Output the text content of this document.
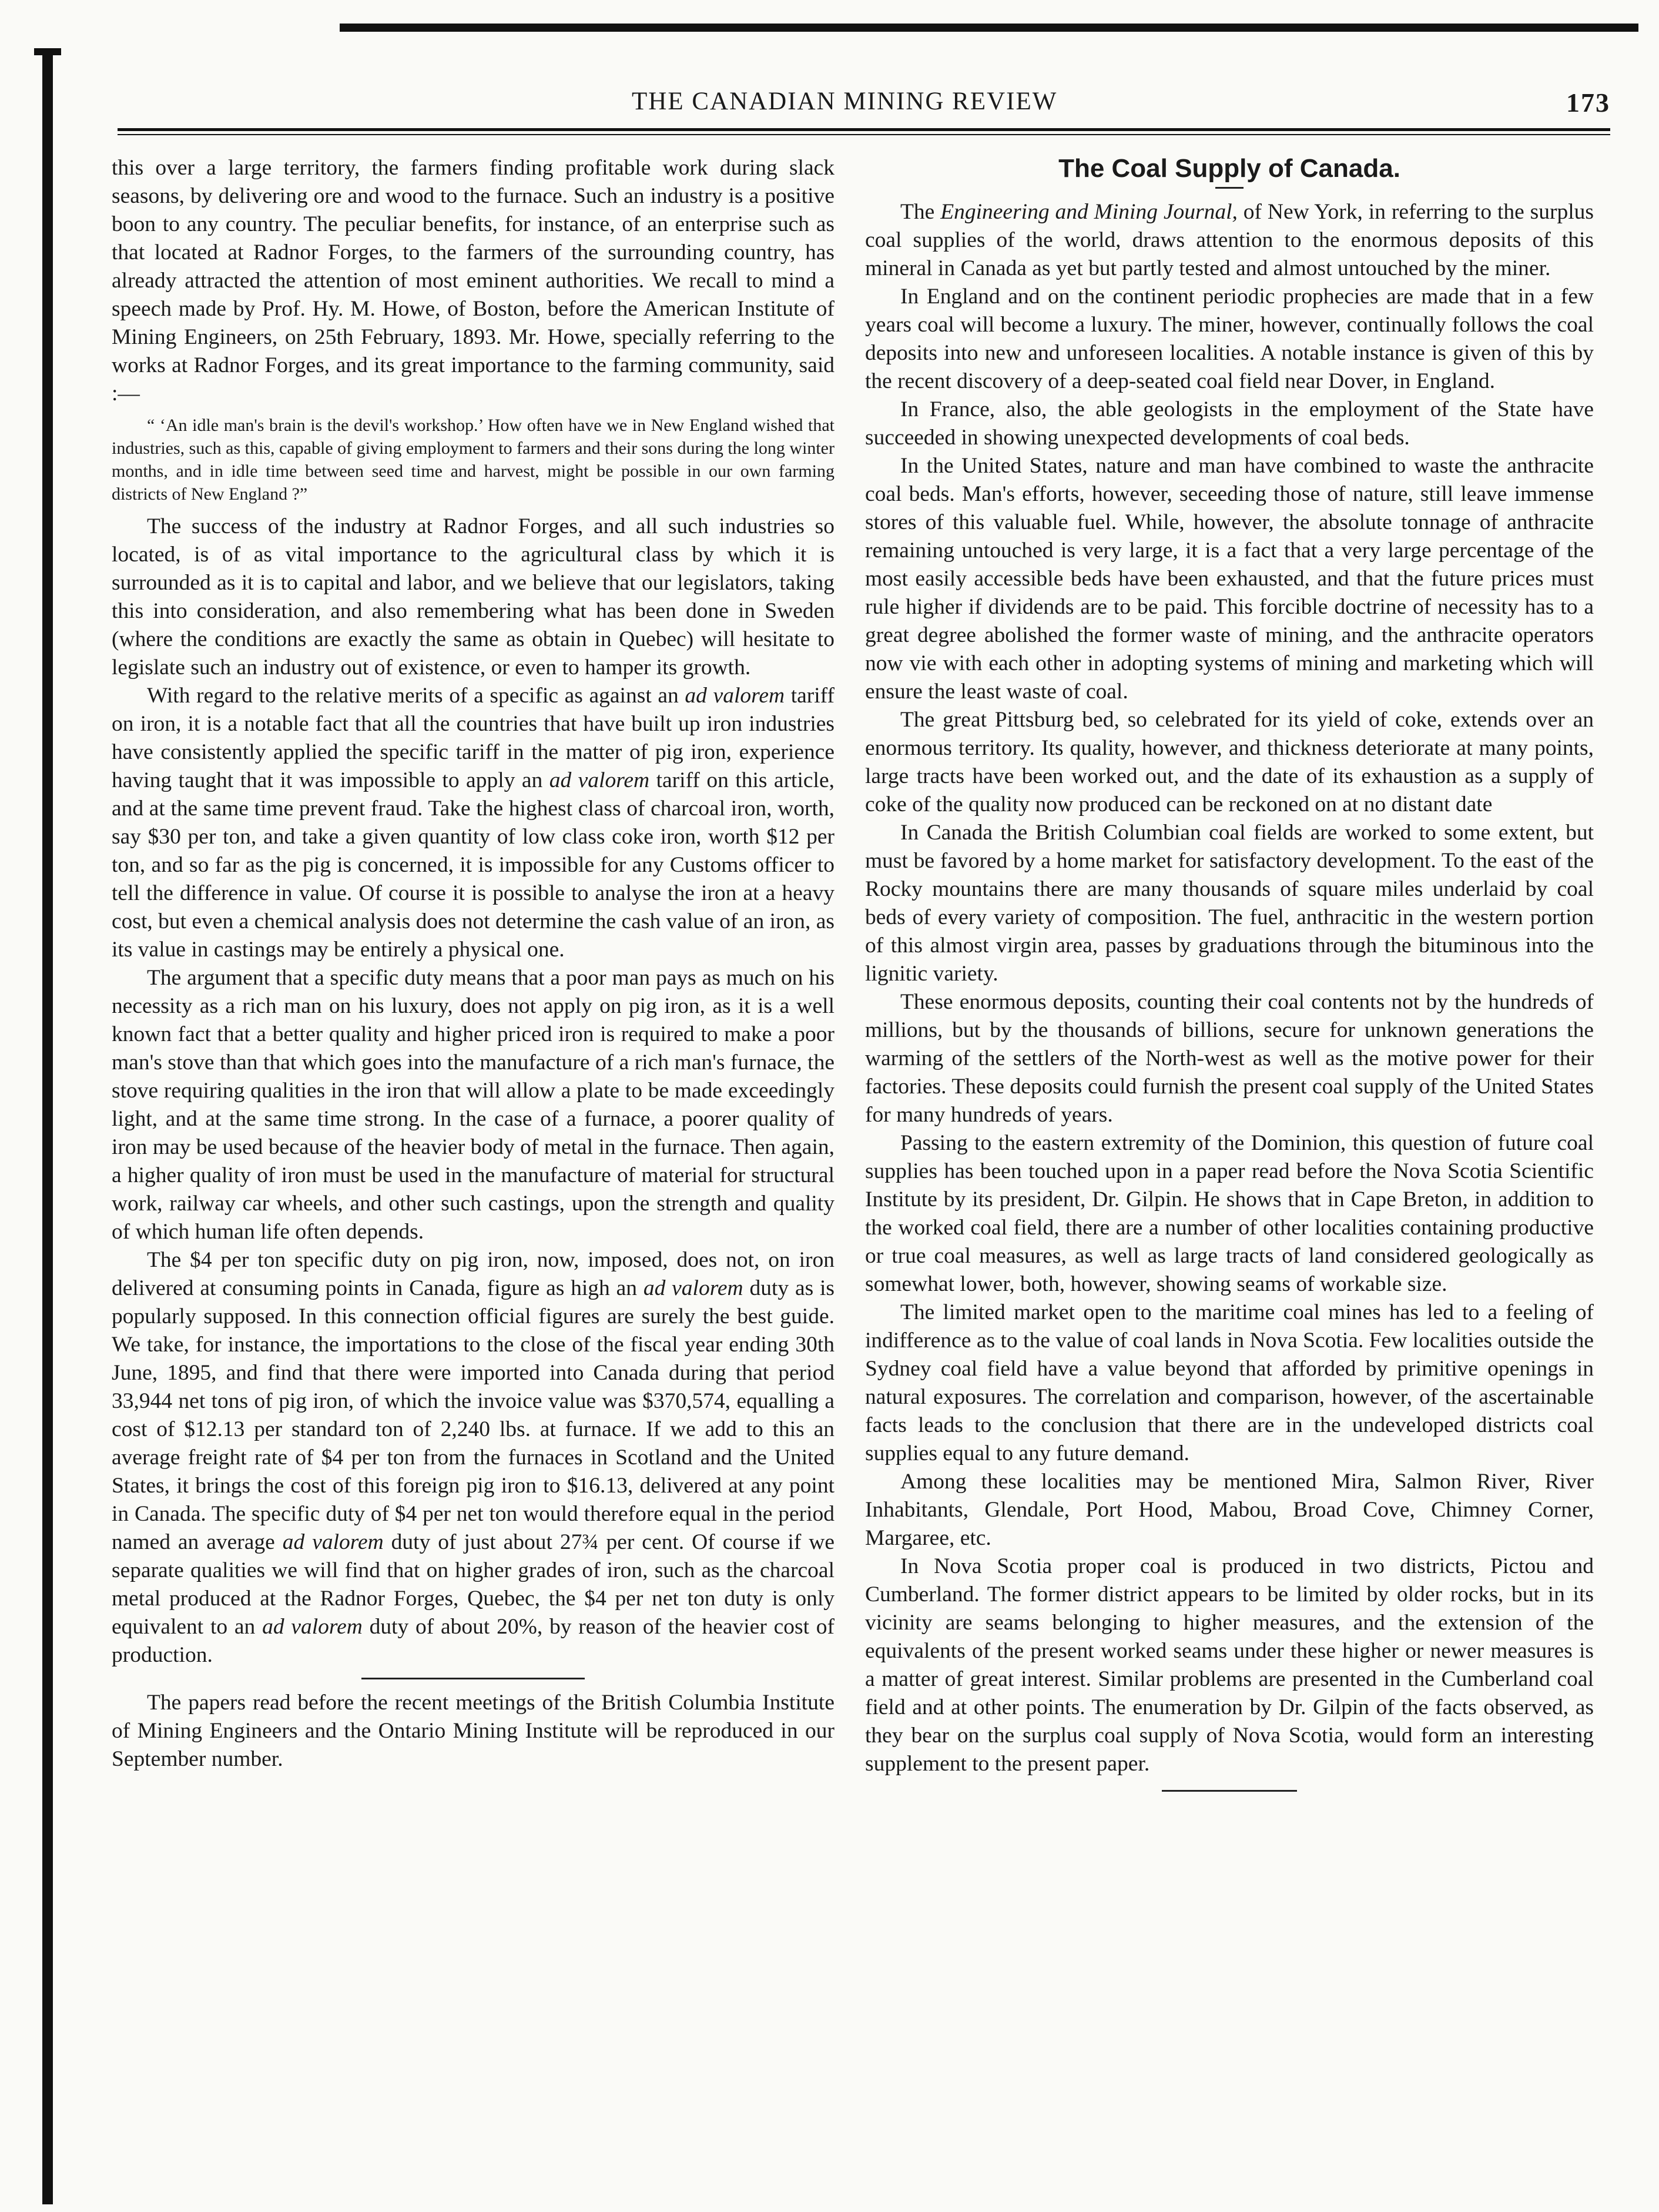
THE CANADIAN MINING REVIEW	173

this over a large territory, the farmers finding profitable work during slack seasons, by delivering ore and wood to the furnace. Such an industry is a positive boon to any country. The peculiar benefits, for instance, of an enterprise such as that located at Radnor Forges, to the farmers of the surrounding country, has already attracted the attention of most eminent authorities. We recall to mind a speech made by Prof. Hy. M. Howe, of Boston, before the American Institute of Mining Engineers, on 25th February, 1893. Mr. Howe, specially referring to the works at Radnor Forges, and its great importance to the farming community, said :—

“ ‘An idle man's brain is the devil's workshop.’ How often have we in New England wished that industries, such as this, capable of giving employment to farmers and their sons during the long winter months, and in idle time between seed time and harvest, might be possible in our own farming districts of New England ?”

The success of the industry at Radnor Forges, and all such industries so located, is of as vital importance to the agricultural class by which it is surrounded as it is to capital and labor, and we believe that our legislators, taking this into consideration, and also remembering what has been done in Sweden (where the conditions are exactly the same as obtain in Quebec) will hesitate to legislate such an industry out of existence, or even to hamper its growth.

With regard to the relative merits of a specific as against an ad valorem tariff on iron, it is a notable fact that all the countries that have built up iron industries have consistently applied the specific tariff in the matter of pig iron, experience having taught that it was impossible to apply an ad valorem tariff on this article, and at the same time prevent fraud. Take the highest class of charcoal iron, worth, say $30 per ton, and take a given quantity of low class coke iron, worth $12 per ton, and so far as the pig is concerned, it is impossible for any Customs officer to tell the difference in value. Of course it is possible to analyse the iron at a heavy cost, but even a chemical analysis does not determine the cash value of an iron, as its value in castings may be entirely a physical one.

The argument that a specific duty means that a poor man pays as much on his necessity as a rich man on his luxury, does not apply on pig iron, as it is a well known fact that a better quality and higher priced iron is required to make a poor man's stove than that which goes into the manufacture of a rich man's furnace, the stove requiring qualities in the iron that will allow a plate to be made exceedingly light, and at the same time strong. In the case of a furnace, a poorer quality of iron may be used because of the heavier body of metal in the furnace. Then again, a higher quality of iron must be used in the manufacture of material for structural work, railway car wheels, and other such castings, upon the strength and quality of which human life often depends.

The $4 per ton specific duty on pig iron, now, imposed, does not, on iron delivered at consuming points in Canada, figure as high an ad valorem duty as is popularly supposed. In this connection official figures are surely the best guide. We take, for instance, the importations to the close of the fiscal year ending 30th June, 1895, and find that there were imported into Canada during that period 33,944 net tons of pig iron, of which the invoice value was $370,574, equalling a cost of $12.13 per standard ton of 2,240 lbs. at furnace. If we add to this an average freight rate of $4 per ton from the furnaces in Scotland and the United States, it brings the cost of this foreign pig iron to $16.13, delivered at any point in Canada. The specific duty of $4 per net ton would therefore equal in the period named an average ad valorem duty of just about 27¾ per cent. Of course if we separate qualities we will find that on higher grades of iron, such as the charcoal metal produced at the Radnor Forges, Quebec, the $4 per net ton duty is only equivalent to an ad valorem duty of about 20%, by reason of the heavier cost of production.

The papers read before the recent meetings of the British Columbia Institute of Mining Engineers and the Ontario Mining Institute will be reproduced in our September number.

The Coal Supply of Canada.

The Engineering and Mining Journal, of New York, in referring to the surplus coal supplies of the world, draws attention to the enormous deposits of this mineral in Canada as yet but partly tested and almost untouched by the miner.

In England and on the continent periodic prophecies are made that in a few years coal will become a luxury. The miner, however, continually follows the coal deposits into new and unforeseen localities. A notable instance is given of this by the recent discovery of a deep-seated coal field near Dover, in England.

In France, also, the able geologists in the employment of the State have succeeded in showing unexpected developments of coal beds.

In the United States, nature and man have combined to waste the anthracite coal beds. Man's efforts, however, seceeding those of nature, still leave immense stores of this valuable fuel. While, however, the absolute tonnage of anthracite remaining untouched is very large, it is a fact that a very large percentage of the most easily accessible beds have been exhausted, and that the future prices must rule higher if dividends are to be paid. This forcible doctrine of necessity has to a great degree abolished the former waste of mining, and the anthracite operators now vie with each other in adopting systems of mining and marketing which will ensure the least waste of coal.

The great Pittsburg bed, so celebrated for its yield of coke, extends over an enormous territory. Its quality, however, and thickness deteriorate at many points, large tracts have been worked out, and the date of its exhaustion as a supply of coke of the quality now produced can be reckoned on at no distant date

In Canada the British Columbian coal fields are worked to some extent, but must be favored by a home market for satisfactory development. To the east of the Rocky mountains there are many thousands of square miles underlaid by coal beds of every variety of composition. The fuel, anthracitic in the western portion of this almost virgin area, passes by graduations through the bituminous into the lignitic variety.

These enormous deposits, counting their coal contents not by the hundreds of millions, but by the thousands of billions, secure for unknown generations the warming of the settlers of the North-west as well as the motive power for their factories. These deposits could furnish the present coal supply of the United States for many hundreds of years.

Passing to the eastern extremity of the Dominion, this question of future coal supplies has been touched upon in a paper read before the Nova Scotia Scientific Institute by its president, Dr. Gilpin. He shows that in Cape Breton, in addition to the worked coal field, there are a number of other localities containing productive or true coal measures, as well as large tracts of land considered geologically as somewhat lower, both, however, showing seams of workable size.

The limited market open to the maritime coal mines has led to a feeling of indifference as to the value of coal lands in Nova Scotia. Few localities outside the Sydney coal field have a value beyond that afforded by primitive openings in natural exposures. The correlation and comparison, however, of the ascertainable facts leads to the conclusion that there are in the undeveloped districts coal supplies equal to any future demand.

Among these localities may be mentioned Mira, Salmon River, River Inhabitants, Glendale, Port Hood, Mabou, Broad Cove, Chimney Corner, Margaree, etc.

In Nova Scotia proper coal is produced in two districts, Pictou and Cumberland. The former district appears to be limited by older rocks, but in its vicinity are seams belonging to higher measures, and the extension of the equivalents of the present worked seams under these higher or newer measures is a matter of great interest. Similar problems are presented in the Cumberland coal field and at other points. The enumeration by Dr. Gilpin of the facts observed, as they bear on the surplus coal supply of Nova Scotia, would form an interesting supplement to the present paper.
